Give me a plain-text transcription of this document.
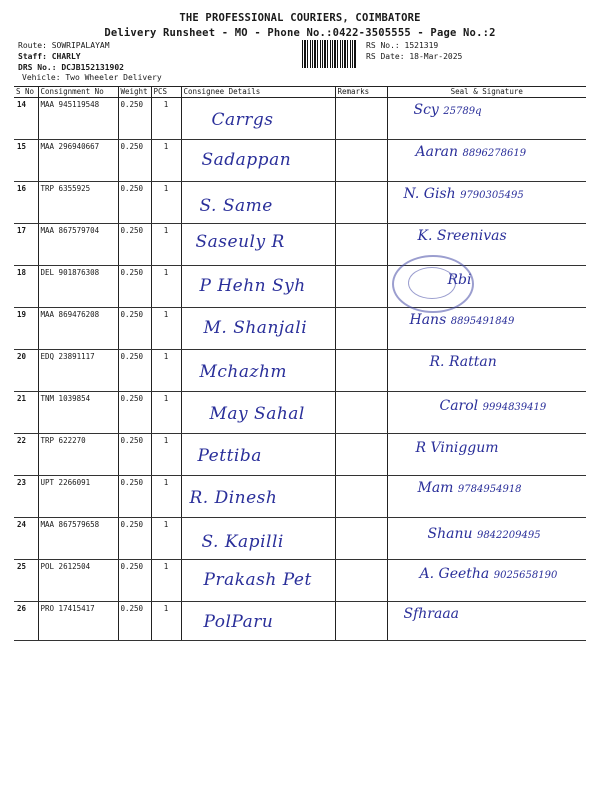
THE PROFESSIONAL COURIERS, COIMBATORE
Delivery Runsheet - MO - Phone No.:0422-3505555 - Page No.:2
Route: SOWRIPALAYAM
Staff: CHARLY
DRS No.: DCJB152131902
Vehicle: Two Wheeler Delivery
RS No.: 1521319
RS Date: 18-Mar-2025
S No	Consignment No	Weight	PCS	Consignee Details	Remarks	Seal & Signature
14	MAA 945119548	0.250	1	Carrgs		Scy 25789q

15	MAA 296940667	0.250	1	Sadappan		Aaran 8896278619

16	TRP 6355925	0.250	1	S. Same		N. Gish 9790305495

17	MAA 867579704	0.250	1	Saseuly R		K. Sreenivas

18	DEL 901876308	0.250	1	P Hehn Syh		Rbi

19	MAA 869476208	0.250	1	M. Shanjali		Hans 8895491849

20	EDQ 23891117	0.250	1	Mchazhm		R. Rattan

21	TNM 1039854	0.250	1	May Sahal		Carol 9994839419

22	TRP 622270	0.250	1	Pettiba		R Viniggum

23	UPT 2266091	0.250	1	R. Dinesh		Mam 9784954918

24	MAA 867579658	0.250	1	S. Kapilli		Shanu 9842209495

25	POL 2612504	0.250	1	Prakash Pet		A. Geetha 9025658190

26	PRO 17415417	0.250	1	PolParu		Sfhraaa
